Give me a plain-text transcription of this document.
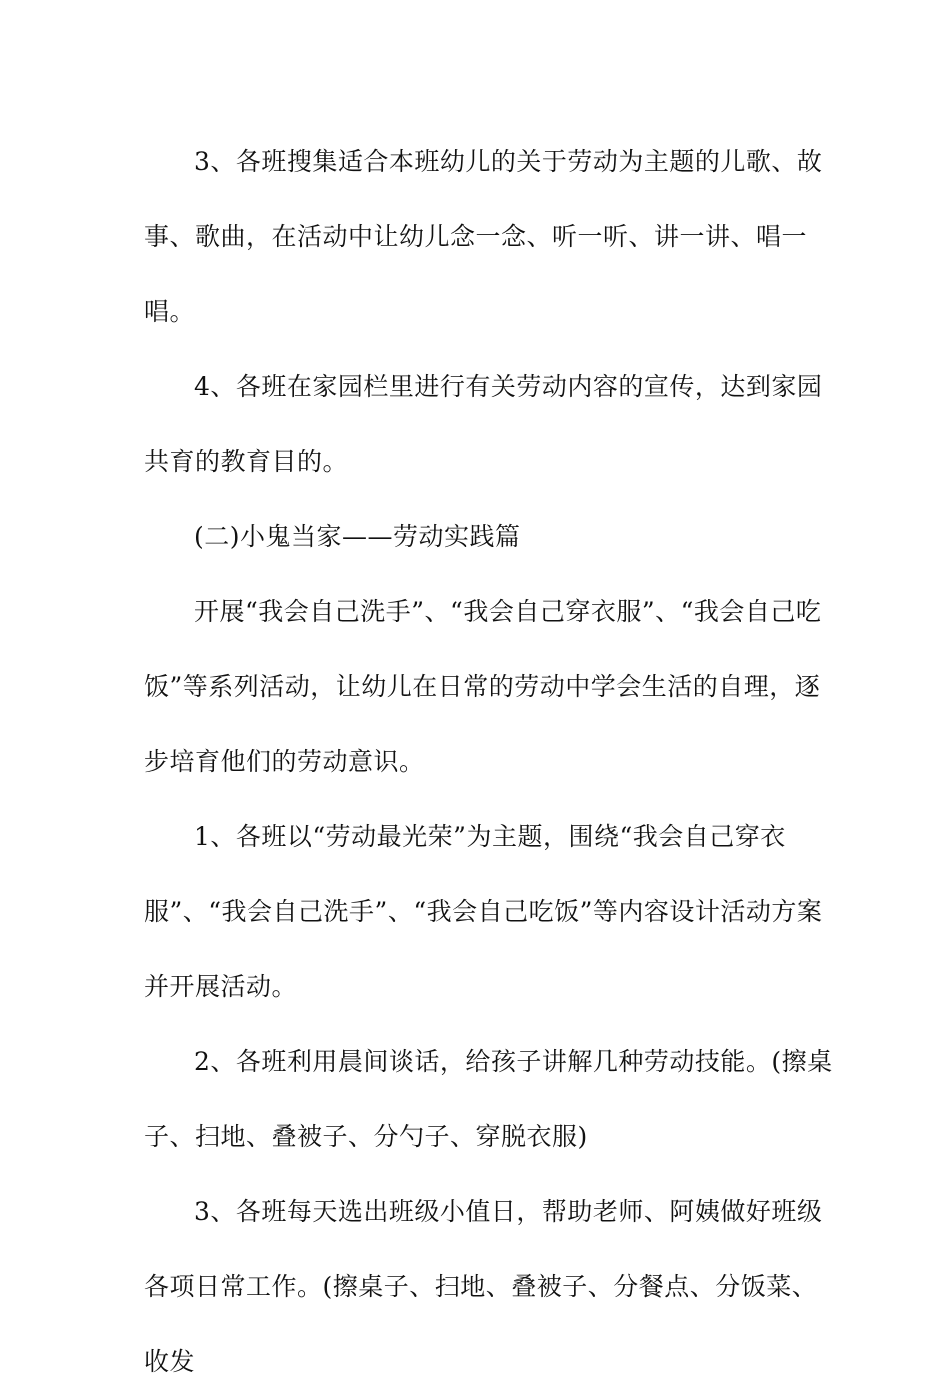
3、各班搜集适合本班幼儿的关于劳动为主题的儿歌、故事、歌曲，在活动中让幼儿念一念、听一听、讲一讲、唱一唱。

4、各班在家园栏里进行有关劳动内容的宣传，达到家园共育的教育目的。

(二)小鬼当家——劳动实践篇

开展“我会自己洗手”、“我会自己穿衣服”、“我会自己吃饭”等系列活动，让幼儿在日常的劳动中学会生活的自理，逐步培育他们的劳动意识。

1、各班以“劳动最光荣”为主题，围绕“我会自己穿衣服”、“我会自己洗手”、“我会自己吃饭”等内容设计活动方案并开展活动。

2、各班利用晨间谈话，给孩子讲解几种劳动技能。(擦桌子、扫地、叠被子、分勺子、穿脱衣服)

3、各班每天选出班级小值日，帮助老师、阿姨做好班级各项日常工作。(擦桌子、扫地、叠被子、分餐点、分饭菜、收发
